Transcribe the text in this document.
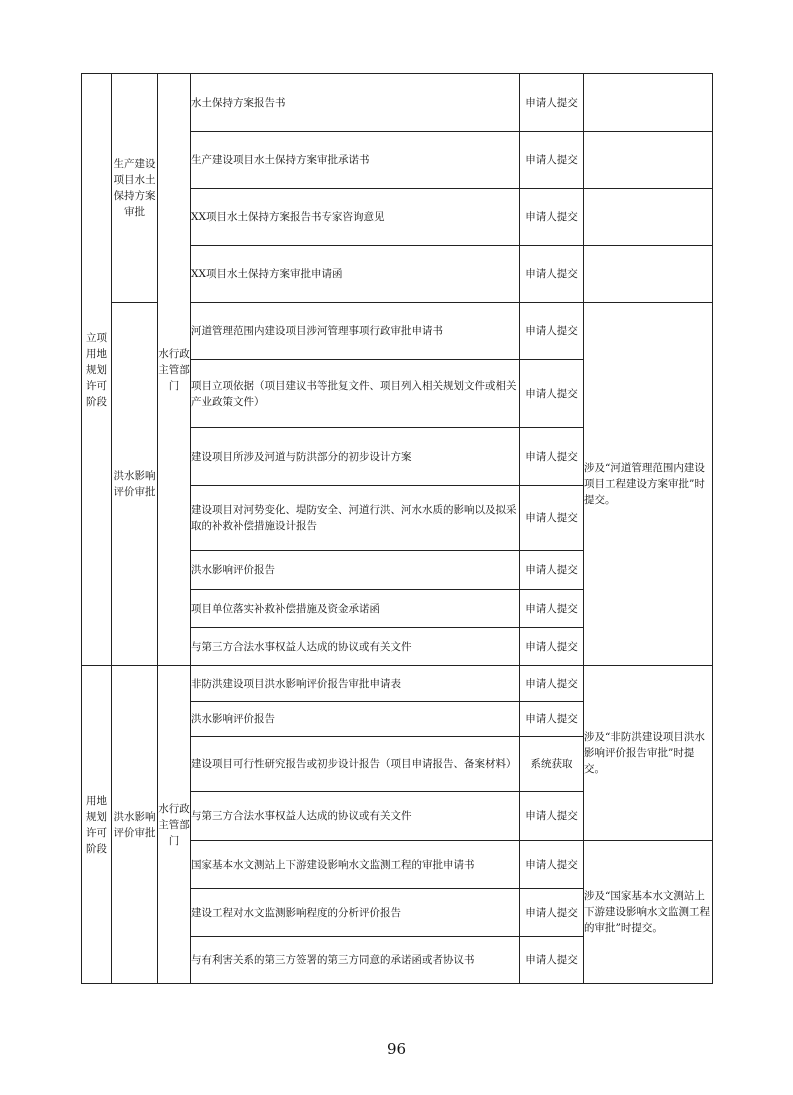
立项用地规划许可阶段	生产建设项目水土保持方案审批	水行政主管部门	水土保持方案报告书	申请人提交	
			生产建设项目水土保持方案审批承诺书	申请人提交	
			XX项目水土保持方案报告书专家咨询意见	申请人提交	
			XX项目水土保持方案审批申请函	申请人提交	
	洪水影响评价审批		河道管理范围内建设项目涉河管理事项行政审批申请书	申请人提交	涉及“河道管理范围内建设项目工程建设方案审批”时提交。
			项目立项依据（项目建议书等批复文件、项目列入相关规划文件或相关产业政策文件）	申请人提交	
			建设项目所涉及河道与防洪部分的初步设计方案	申请人提交	
			建设项目对河势变化、堤防安全、河道行洪、河水水质的影响以及拟采取的补救补偿措施设计报告	申请人提交	
			洪水影响评价报告	申请人提交	
			项目单位落实补救补偿措施及资金承诺函	申请人提交	
			与第三方合法水事权益人达成的协议或有关文件	申请人提交	
用地规划许可阶段	洪水影响评价审批	水行政主管部门	非防洪建设项目洪水影响评价报告审批申请表	申请人提交	涉及“非防洪建设项目洪水影响评价报告审批”时提交。
			洪水影响评价报告	申请人提交	
			建设项目可行性研究报告或初步设计报告（项目申请报告、备案材料）	系统获取	
			与第三方合法水事权益人达成的协议或有关文件	申请人提交	
			国家基本水文测站上下游建设影响水文监测工程的审批申请书	申请人提交	涉及“国家基本水文测站上下游建设影响水文监测工程的审批”时提交。
			建设工程对水文监测影响程度的分析评价报告	申请人提交	
			与有利害关系的第三方签署的第三方同意的承诺函或者协议书	申请人提交	
96
